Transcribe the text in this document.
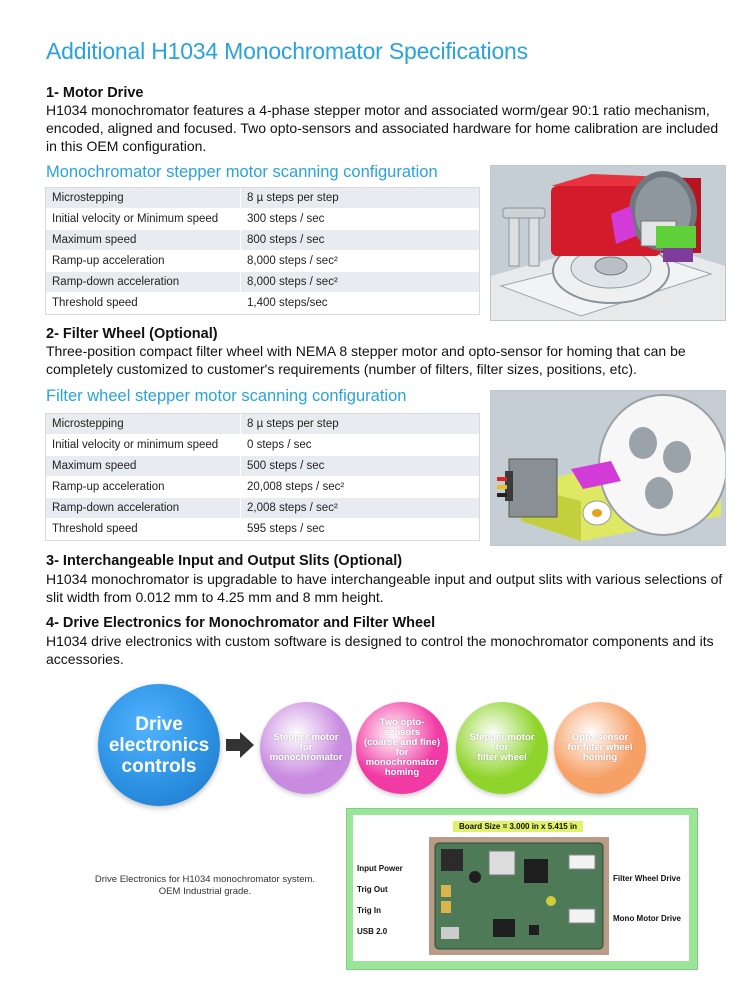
Additional H1034 Monochromator Specifications
1- Motor Drive
H1034 monochromator features a 4-phase stepper motor and associated worm/gear 90:1 ratio mechanism, encoded, aligned and focused. Two opto-sensors and associated hardware for home calibration are included in this OEM configuration.
Monochromator stepper motor scanning configuration
Microstepping	8 µ steps per step
Initial velocity or Minimum speed	300 steps / sec
Maximum speed	800 steps / sec
Ramp-up acceleration	8,000 steps / sec²
Ramp-down acceleration	8,000 steps / sec²
Threshold speed	1,400 steps/sec
2- Filter Wheel (Optional)
Three-position compact filter wheel with NEMA 8 stepper motor and opto-sensor for homing that can be completely customized to customer's requirements (number of filters, filter sizes, positions, etc).
Filter wheel stepper motor scanning configuration
Microstepping	8 µ steps per step
Initial velocity or minimum speed	0 steps / sec
Maximum speed	500 steps / sec
Ramp-up acceleration	20,008 steps / sec²
Ramp-down acceleration	2,008 steps / sec²
Threshold speed	595 steps / sec
3- Interchangeable Input and Output Slits (Optional)
H1034 monochromator is upgradable to have interchangeable input and output slits with various selections of slit width from 0.012 mm to 4.25 mm and 8 mm height.
4- Drive Electronics for Monochromator and Filter Wheel
H1034 drive electronics with custom software is designed to control the monochromator components and its accessories.
Drive electronics controls
Stepper motor
for
monochromator
Two opto-sensors
(coarse and fine) for
monochromator homing
Stepper motor
for
filter wheel
Opto-sensor
for filter wheel
homing
Board Size = 3.000 in x 5.415 in
Input Power
Trig Out
Trig In
USB 2.0
Filter Wheel Drive
Mono Motor Drive
Drive Electronics for H1034 monochromator system.
OEM Industrial grade.
